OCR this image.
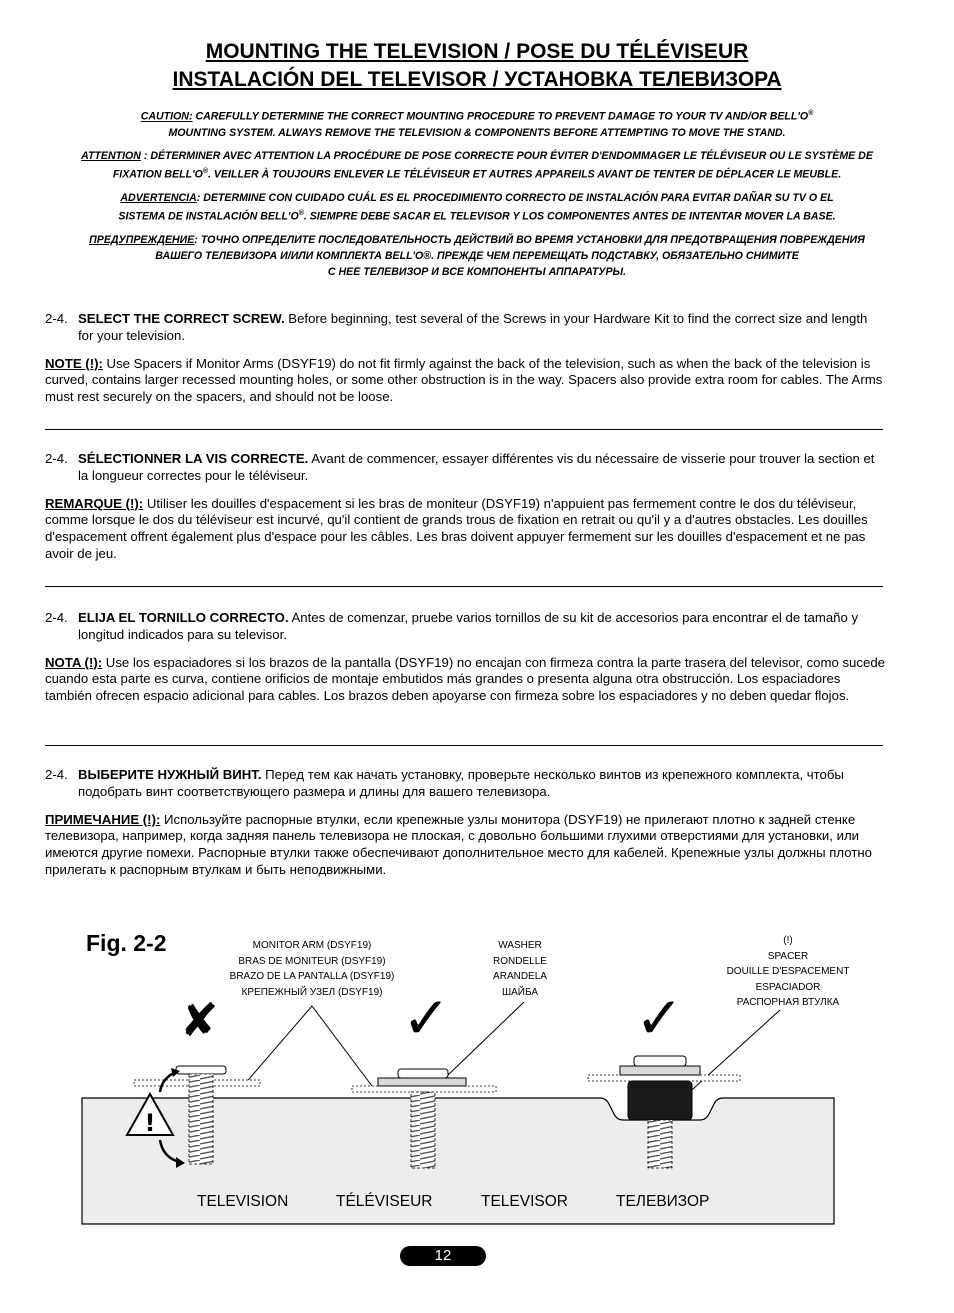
MOUNTING THE TELEVISION / POSE DU TÉLÉVISEUR
INSTALACIÓN DEL TELEVISOR / УСТАНОВКА ТЕЛЕВИЗОРА
CAUTION: CAREFULLY DETERMINE THE CORRECT MOUNTING PROCEDURE TO PREVENT DAMAGE TO YOUR TV AND/OR BELL'O®
MOUNTING SYSTEM. ALWAYS REMOVE THE TELEVISION & COMPONENTS BEFORE ATTEMPTING TO MOVE THE STAND.
ATTENTION : DÉTERMINER AVEC ATTENTION LA PROCÉDURE DE POSE CORRECTE POUR ÉVITER D'ENDOMMAGER LE TÉLÉVISEUR OU LE SYSTÈME DE
FIXATION BELL'O®. VEILLER À TOUJOURS ENLEVER LE TÉLÉVISEUR ET AUTRES APPAREILS AVANT DE TENTER DE DÉPLACER LE MEUBLE.
ADVERTENCIA: DETERMINE CON CUIDADO CUÁL ES EL PROCEDIMIENTO CORRECTO DE INSTALACIÓN PARA EVITAR DAÑAR SU TV O EL
SISTEMA DE INSTALACIÓN BELL'O®. SIEMPRE DEBE SACAR EL TELEVISOR Y LOS COMPONENTES ANTES DE INTENTAR MOVER LA BASE.
ПРЕДУПРЕЖДЕНИЕ: ТОЧНО ОПРЕДЕЛИТЕ ПОСЛЕДОВАТЕЛЬНОСТЬ ДЕЙСТВИЙ ВО ВРЕМЯ УСТАНОВКИ ДЛЯ ПРЕДОТВРАЩЕНИЯ ПОВРЕЖДЕНИЯ
ВАШЕГО ТЕЛЕВИЗОРА И/ИЛИ КОМПЛЕКТА BELL'O®. ПРЕЖДЕ ЧЕМ ПЕРЕМЕЩАТЬ ПОДСТАВКУ, ОБЯЗАТЕЛЬНО СНИМИТЕ
С НЕЕ ТЕЛЕВИЗОР И ВСЕ КОМПОНЕНТЫ АППАРАТУРЫ.
2-4. SELECT THE CORRECT SCREW. Before beginning, test several of the Screws in your Hardware Kit to find the correct size and length for your television.
NOTE (!): Use Spacers if Monitor Arms (DSYF19) do not fit firmly against the back of the television, such as when the back of the television is curved, contains larger recessed mounting holes, or some other obstruction is in the way. Spacers also provide extra room for cables. The Arms must rest securely on the spacers, and should not be loose.
2-4. SÉLECTIONNER LA VIS CORRECTE. Avant de commencer, essayer différentes vis du nécessaire de visserie pour trouver la section et la longueur correctes pour le téléviseur.
REMARQUE (!): Utiliser les douilles d'espacement si les bras de moniteur (DSYF19) n'appuient pas fermement contre le dos du téléviseur, comme lorsque le dos du téléviseur est incurvé, qu'il contient de grands trous de fixation en retrait ou qu'il y a d'autres obstacles. Les douilles d'espacement offrent également plus d'espace pour les câbles. Les bras doivent appuyer fermement sur les douilles d'espacement et ne pas avoir de jeu.
2-4. ELIJA EL TORNILLO CORRECTO. Antes de comenzar, pruebe varios tornillos de su kit de accesorios para encontrar el de tamaño y longitud indicados para su televisor.
NOTA (!): Use los espaciadores si los brazos de la pantalla (DSYF19) no encajan con firmeza contra la parte trasera del televisor, como sucede cuando esta parte es curva, contiene orificios de montaje embutidos más grandes o presenta alguna otra obstrucción. Los espaciadores también ofrecen espacio adicional para cables. Los brazos deben apoyarse con firmeza sobre los espaciadores y no deben quedar flojos.
2-4. ВЫБЕРИТЕ НУЖНЫЙ ВИНТ. Перед тем как начать установку, проверьте несколько винтов из крепежного комплекта, чтобы подобрать винт соответствующего размера и длины для вашего телевизора.
ПРИМЕЧАНИЕ (!): Используйте распорные втулки, если крепежные узлы монитора (DSYF19) не прилегают плотно к задней стенке телевизора, например, когда задняя панель телевизора не плоская, с довольно большими глухими отверстиями для установки, или имеются другие помехи. Распорные втулки также обеспечивают дополнительное место для кабелей. Крепежные узлы должны плотно прилегать к распорным втулкам и быть неподвижными.
Fig. 2-2	MONITOR ARM (DSYF19)
BRAS DE MONITEUR (DSYF19)
BRAZO DE LA PANTALLA (DSYF19)
КРЕПЕЖНЫЙ УЗЕЛ (DSYF19)
WASHER
RONDELLE
ARANDELA
ШАЙБА
(!)
SPACER
DOUILLE D'ESPACEMENT
ESPACIADOR
РАСПОРНАЯ ВТУЛКА
✘	✓	✓
!
TELEVISION	TÉLÉVISEUR	TELEVISOR	ТЕЛЕВИЗОР
12
